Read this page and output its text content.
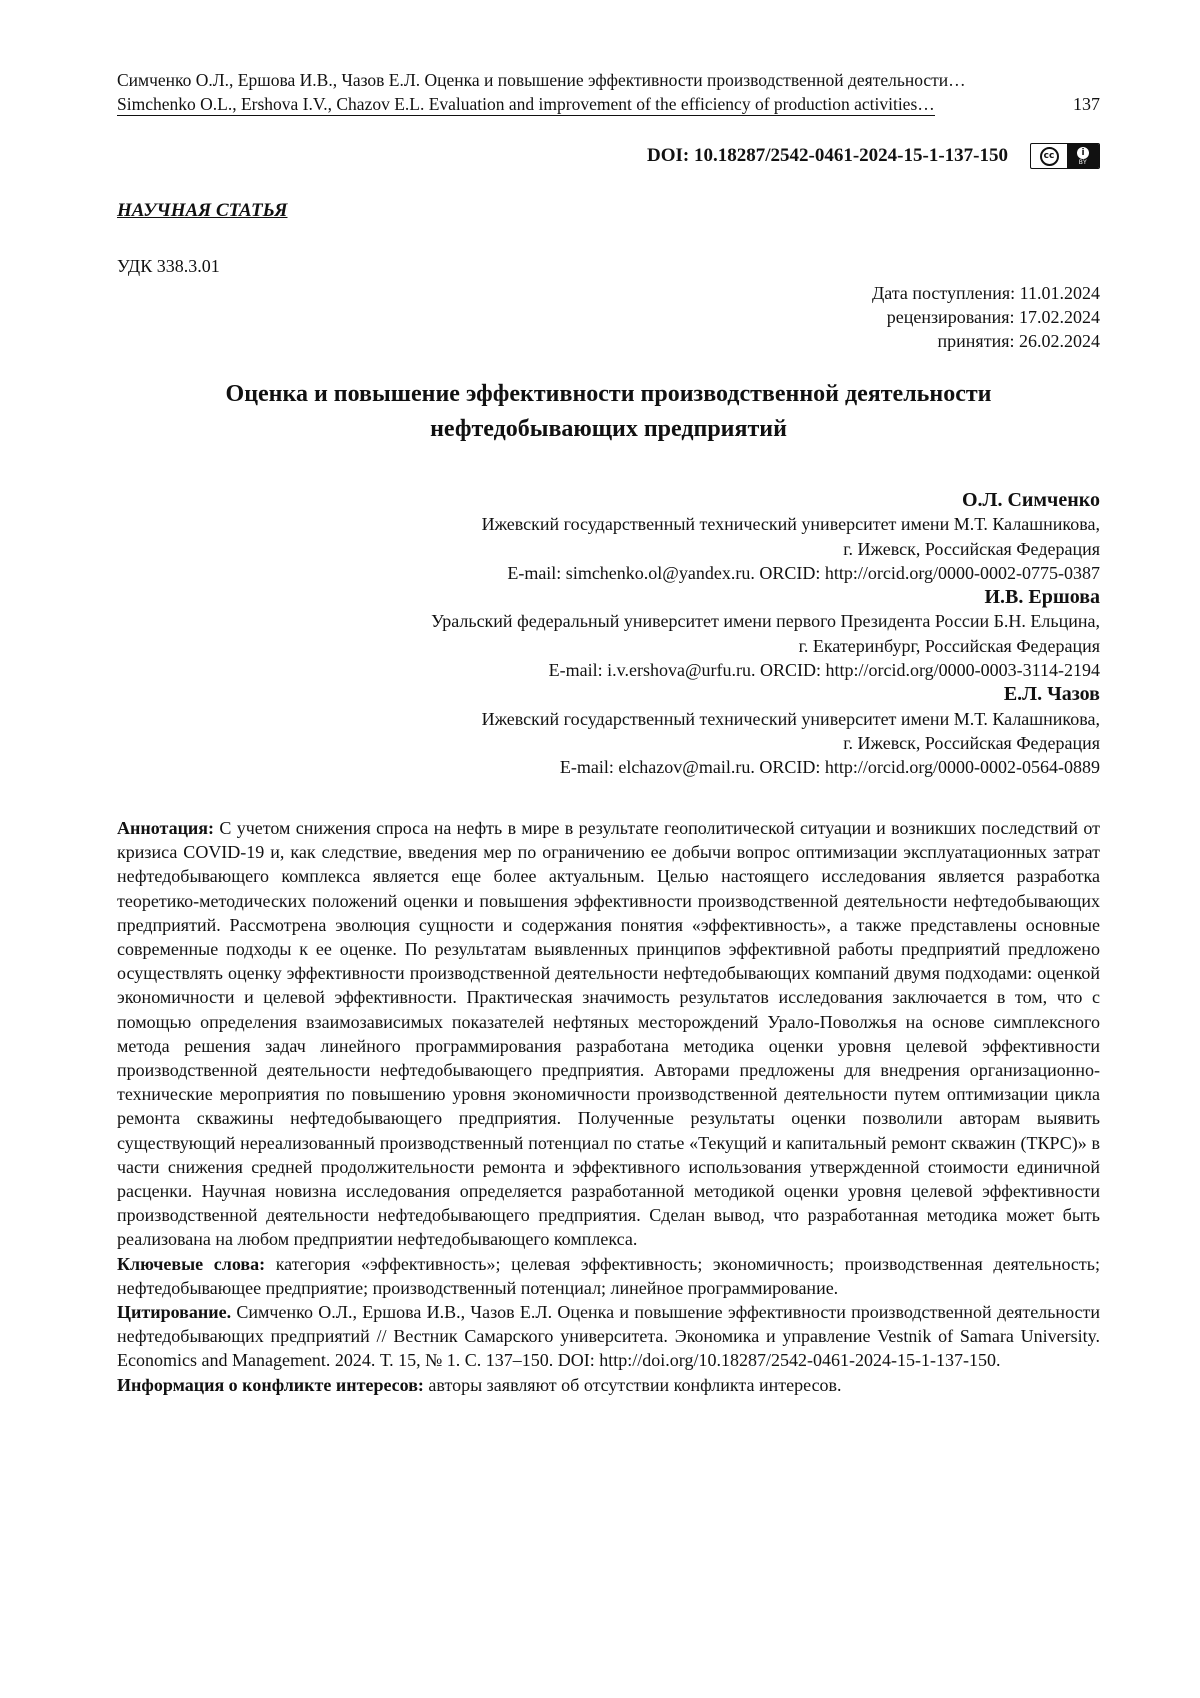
Симченко О.Л., Ершова И.В., Чазов Е.Л. Оценка и повышение эффективности производственной деятельности…
Simchenko O.L., Ershova I.V., Chazov E.L. Evaluation and improvement of the efficiency of production activities…	137
DOI: 10.18287/2542-0461-2024-15-1-137-150	cc	i
BY
НАУЧНАЯ СТАТЬЯ
УДК 338.3.01
Дата поступления: 11.01.2024
рецензирования: 17.02.2024
принятия: 26.02.2024
Оценка и повышение эффективности производственной деятельности
нефтедобывающих предприятий
О.Л. Симченко
Ижевский государственный технический университет имени М.Т. Калашникова,
г. Ижевск, Российская Федерация
E-mail: simchenko.ol@yandex.ru. ORCID: http://orcid.org/0000-0002-0775-0387
И.В. Ершова
Уральский федеральный университет имени первого Президента России Б.Н. Ельцина,
г. Екатеринбург, Российская Федерация
E-mail: i.v.ershova@urfu.ru. ORCID: http://orcid.org/0000-0003-3114-2194
Е.Л. Чазов
Ижевский государственный технический университет имени М.Т. Калашникова,
г. Ижевск, Российская Федерация
E-mail: elchazov@mail.ru. ORCID: http://orcid.org/0000-0002-0564-0889

Аннотация: С учетом снижения спроса на нефть в мире в результате геополитической ситуации и возникших последствий от кризиса COVID-19 и, как следствие, введения мер по ограничению ее добычи вопрос оптимизации эксплуатационных затрат нефтедобывающего комплекса является еще более актуальным. Целью настоящего исследования является разработка теоретико-методических положений оценки и повышения эффективности производственной деятельности нефтедобывающих предприятий. Рассмотрена эволюция сущности и содержания понятия «эффективность», а также представлены основные современные подходы к ее оценке. По результатам выявленных принципов эффективной работы предприятий предложено осуществлять оценку эффективности производственной деятельности нефтедобывающих компаний двумя подходами: оценкой экономичности и целевой эффективности. Практическая значимость результатов исследования заключается в том, что с помощью определения взаимозависимых показателей нефтяных месторождений Урало-Поволжья на основе симплексного метода решения задач линейного программирования разработана методика оценки уровня целевой эффективности производственной деятельности нефтедобывающего предприятия. Авторами предложены для внедрения организационно-технические мероприятия по повышению уровня экономичности производственной деятельности путем оптимизации цикла ремонта скважины нефтедобывающего предприятия. Полученные результаты оценки позволили авторам выявить существующий нереализованный производственный потенциал по статье «Текущий и капитальный ремонт скважин (ТКРС)» в части снижения средней продолжительности ремонта и эффективного использования утвержденной стоимости единичной расценки. Научная новизна исследования определяется разработанной методикой оценки уровня целевой эффективности производственной деятельности нефтедобывающего предприятия. Сделан вывод, что разработанная методика может быть реализована на любом предприятии нефтедобывающего комплекса.

Ключевые слова: категория «эффективность»; целевая эффективность; экономичность; производственная деятельность; нефтедобывающее предприятие; производственный потенциал; линейное программирование.

Цитирование. Симченко О.Л., Ершова И.В., Чазов Е.Л. Оценка и повышение эффективности производственной деятельности нефтедобывающих предприятий // Вестник Самарского университета. Экономика и управление Vestnik of Samara University. Economics and Management. 2024. Т. 15, № 1. С. 137–150. DOI: http://doi.org/10.18287/2542-0461-2024-15-1-137-150.

Информация о конфликте интересов: авторы заявляют об отсутствии конфликта интересов.
